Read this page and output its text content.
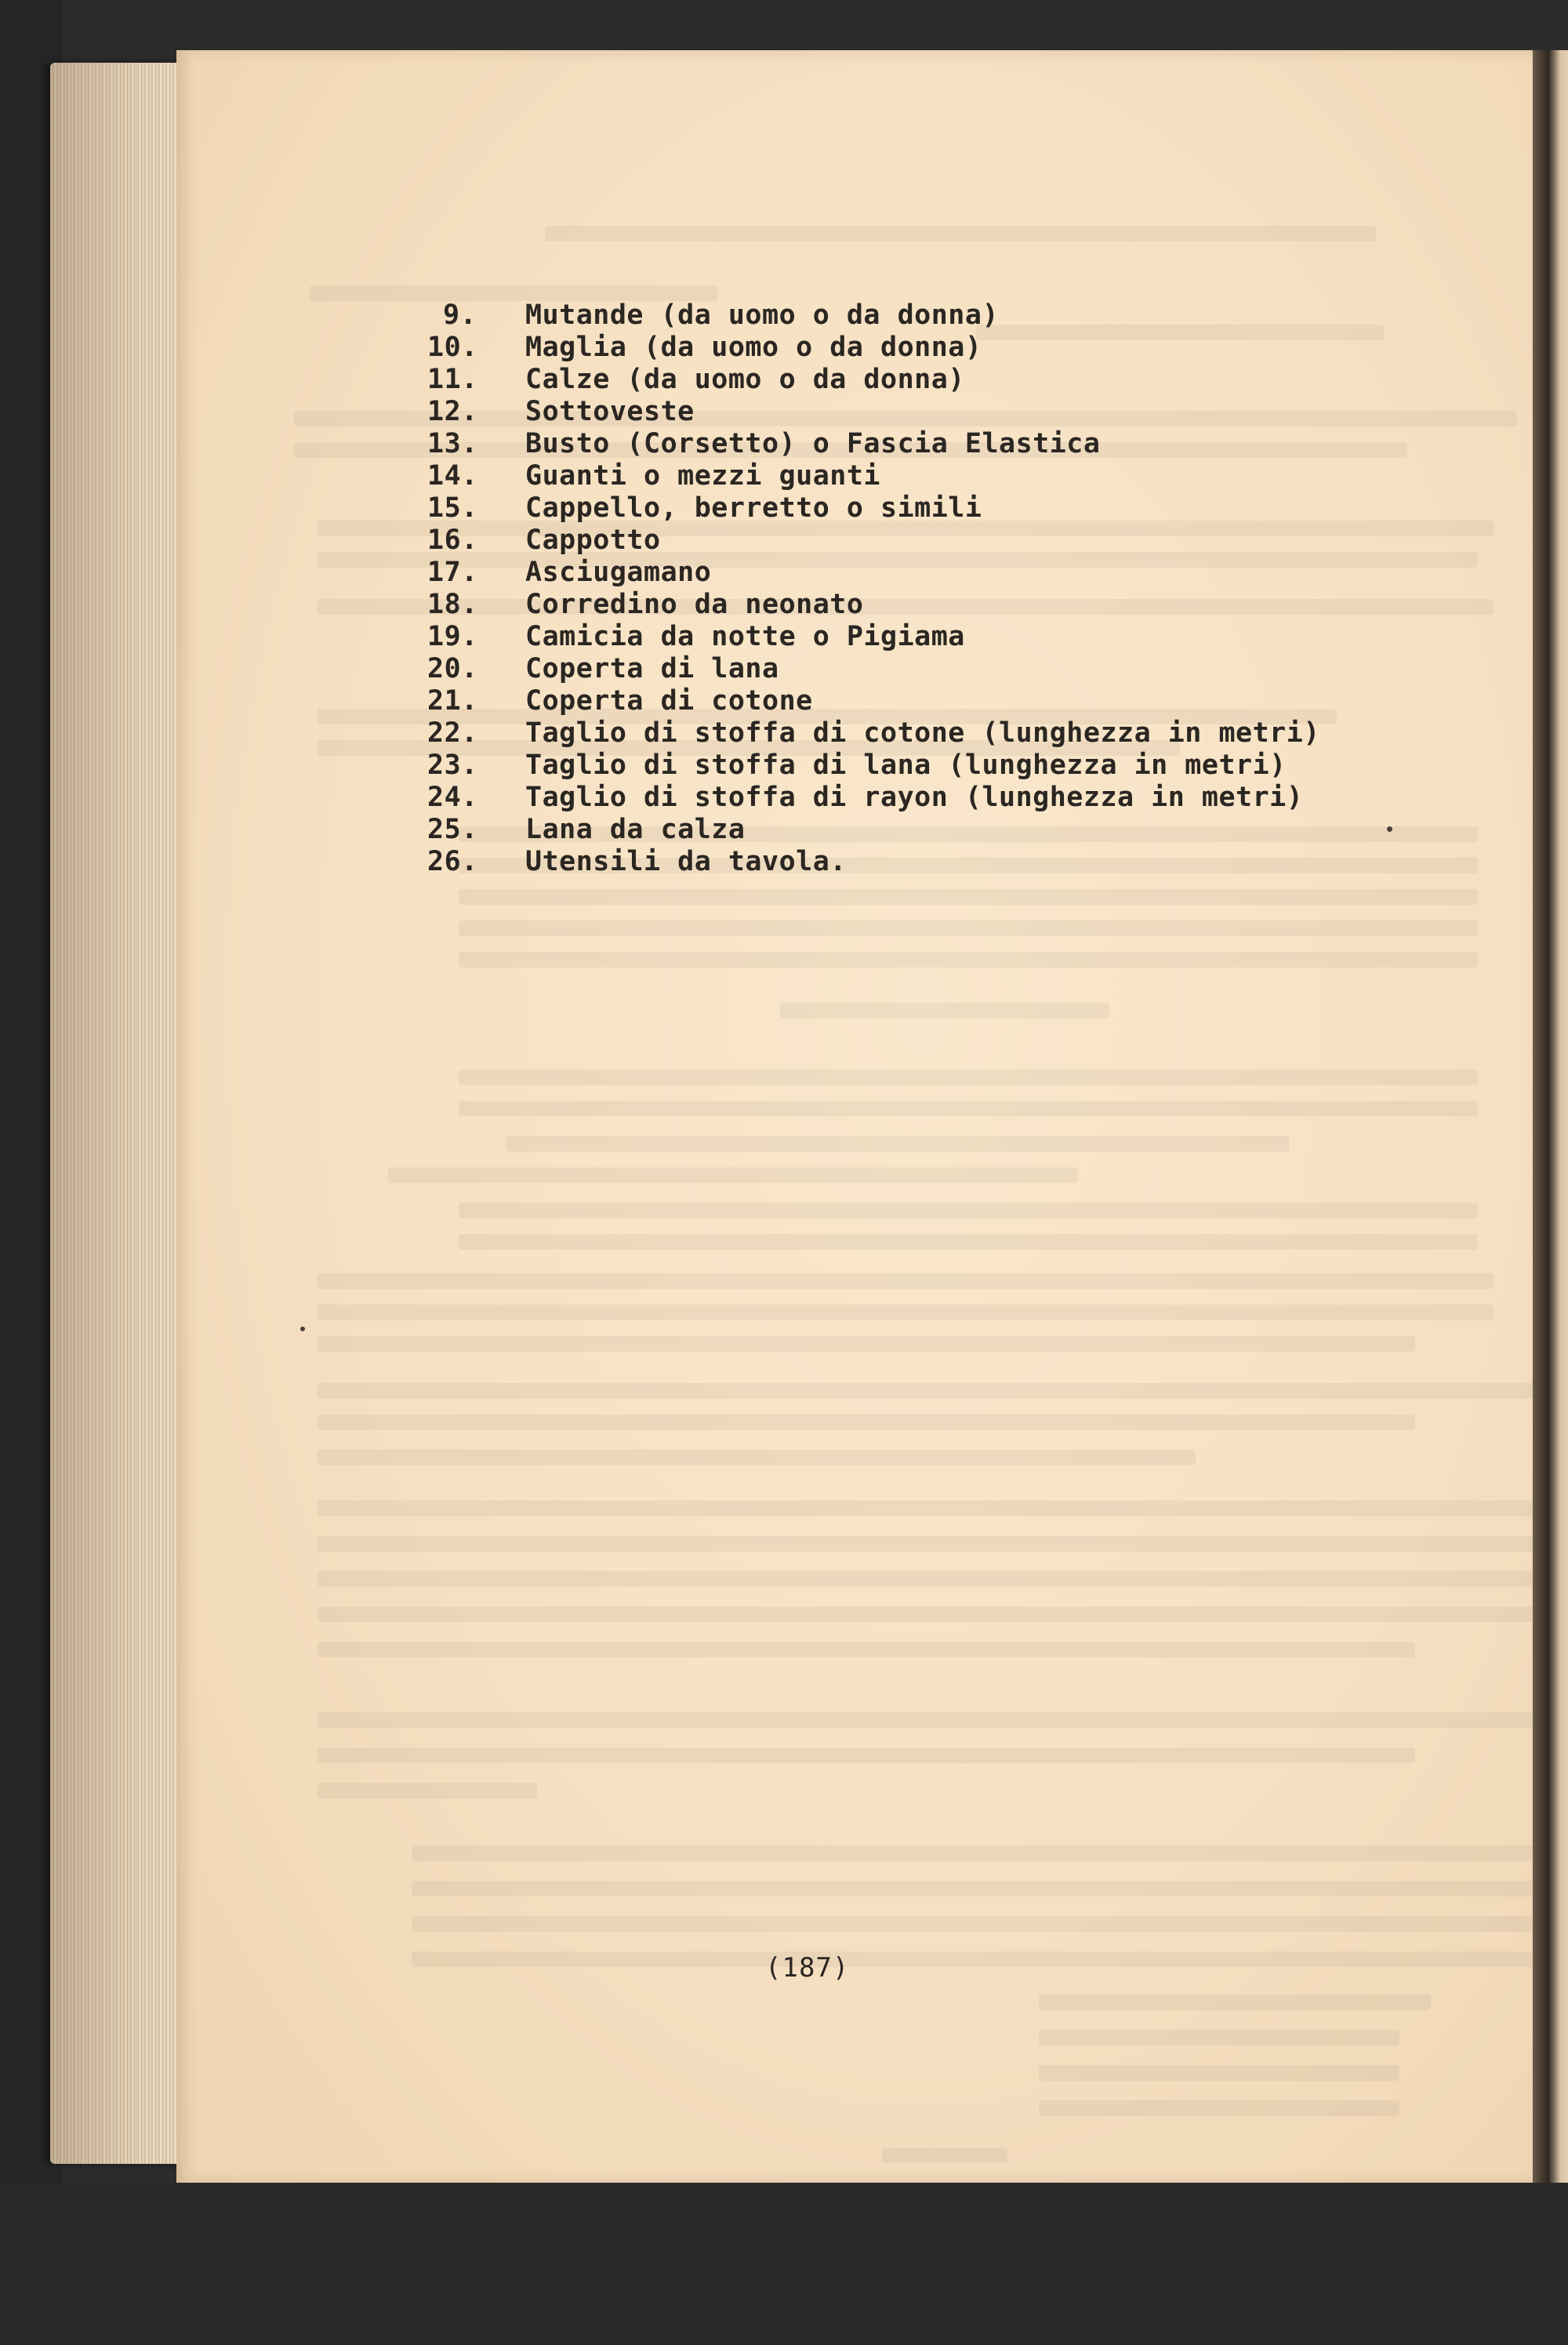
9.	Mutande (da uomo o da donna)
10.	Maglia (da uomo o da donna)
11.	Calze (da uomo o da donna)
12.	Sottoveste
13.	Busto (Corsetto) o Fascia Elastica
14.	Guanti o mezzi guanti
15.	Cappello, berretto o simili
16.	Cappotto
17.	Asciugamano
18.	Corredino da neonato
19.	Camicia da notte o Pigiama
20.	Coperta di lana
21.	Coperta di cotone
22.	Taglio di stoffa di cotone (lunghezza in metri)
23.	Taglio di stoffa di lana (lunghezza in metri)
24.	Taglio di stoffa di rayon (lunghezza in metri)
25.	Lana da calza
26.	Utensili da tavola.
(187)
